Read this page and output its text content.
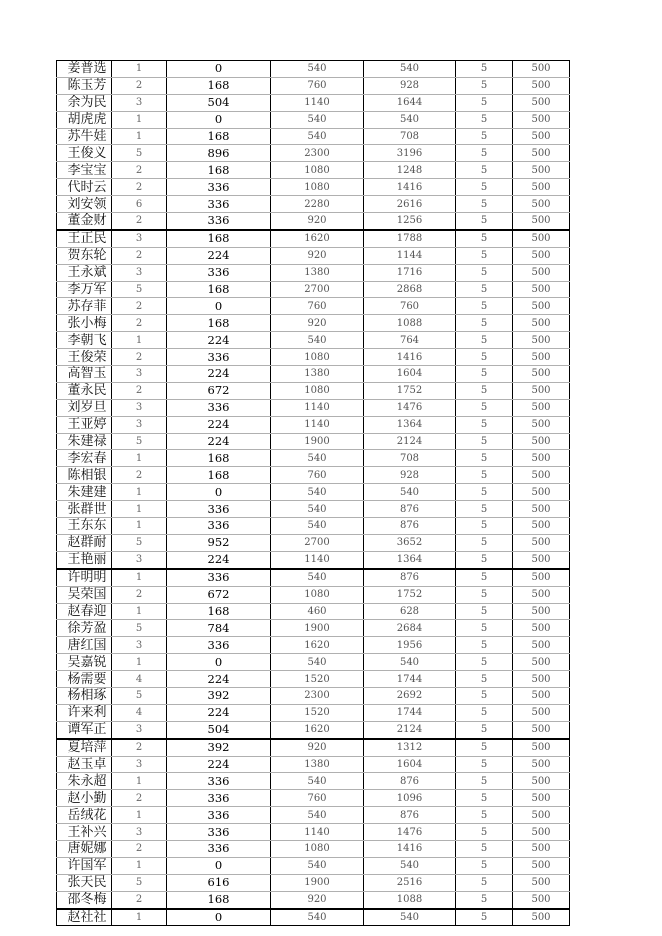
姜普选	1	0	540	540	5	500
陈玉芳	2	168	760	928	5	500
余为民	3	504	1140	1644	5	500
胡虎虎	1	0	540	540	5	500
苏牛娃	1	168	540	708	5	500
王俊义	5	896	2300	3196	5	500
李宝宝	2	168	1080	1248	5	500
代时云	2	336	1080	1416	5	500
刘安领	6	336	2280	2616	5	500
董金财	2	336	920	1256	5	500
王正民	3	168	1620	1788	5	500
贺东轮	2	224	920	1144	5	500
王永斌	3	336	1380	1716	5	500
李万军	5	168	2700	2868	5	500
苏存菲	2	0	760	760	5	500
张小梅	2	168	920	1088	5	500
李朝飞	1	224	540	764	5	500
王俊荣	2	336	1080	1416	5	500
高智玉	3	224	1380	1604	5	500
董永民	2	672	1080	1752	5	500
刘岁旦	3	336	1140	1476	5	500
王亚婷	3	224	1140	1364	5	500
朱建禄	5	224	1900	2124	5	500
李宏春	1	168	540	708	5	500
陈相银	2	168	760	928	5	500
朱建建	1	0	540	540	5	500
张群世	1	336	540	876	5	500
王东东	1	336	540	876	5	500
赵群耐	5	952	2700	3652	5	500
王艳丽	3	224	1140	1364	5	500
许明明	1	336	540	876	5	500
吴荣国	2	672	1080	1752	5	500
赵春迎	1	168	460	628	5	500
徐芳盈	5	784	1900	2684	5	500
唐红国	3	336	1620	1956	5	500
吴嘉锐	1	0	540	540	5	500
杨需要	4	224	1520	1744	5	500
杨相琢	5	392	2300	2692	5	500
许来利	4	224	1520	1744	5	500
谭军正	3	504	1620	2124	5	500
夏培萍	2	392	920	1312	5	500
赵玉卓	3	224	1380	1604	5	500
朱永超	1	336	540	876	5	500
赵小勤	2	336	760	1096	5	500
岳绒花	1	336	540	876	5	500
王补兴	3	336	1140	1476	5	500
唐妮娜	2	336	1080	1416	5	500
许国军	1	0	540	540	5	500
张天民	5	616	1900	2516	5	500
邵冬梅	2	168	920	1088	5	500
赵社社	1	0	540	540	5	500
